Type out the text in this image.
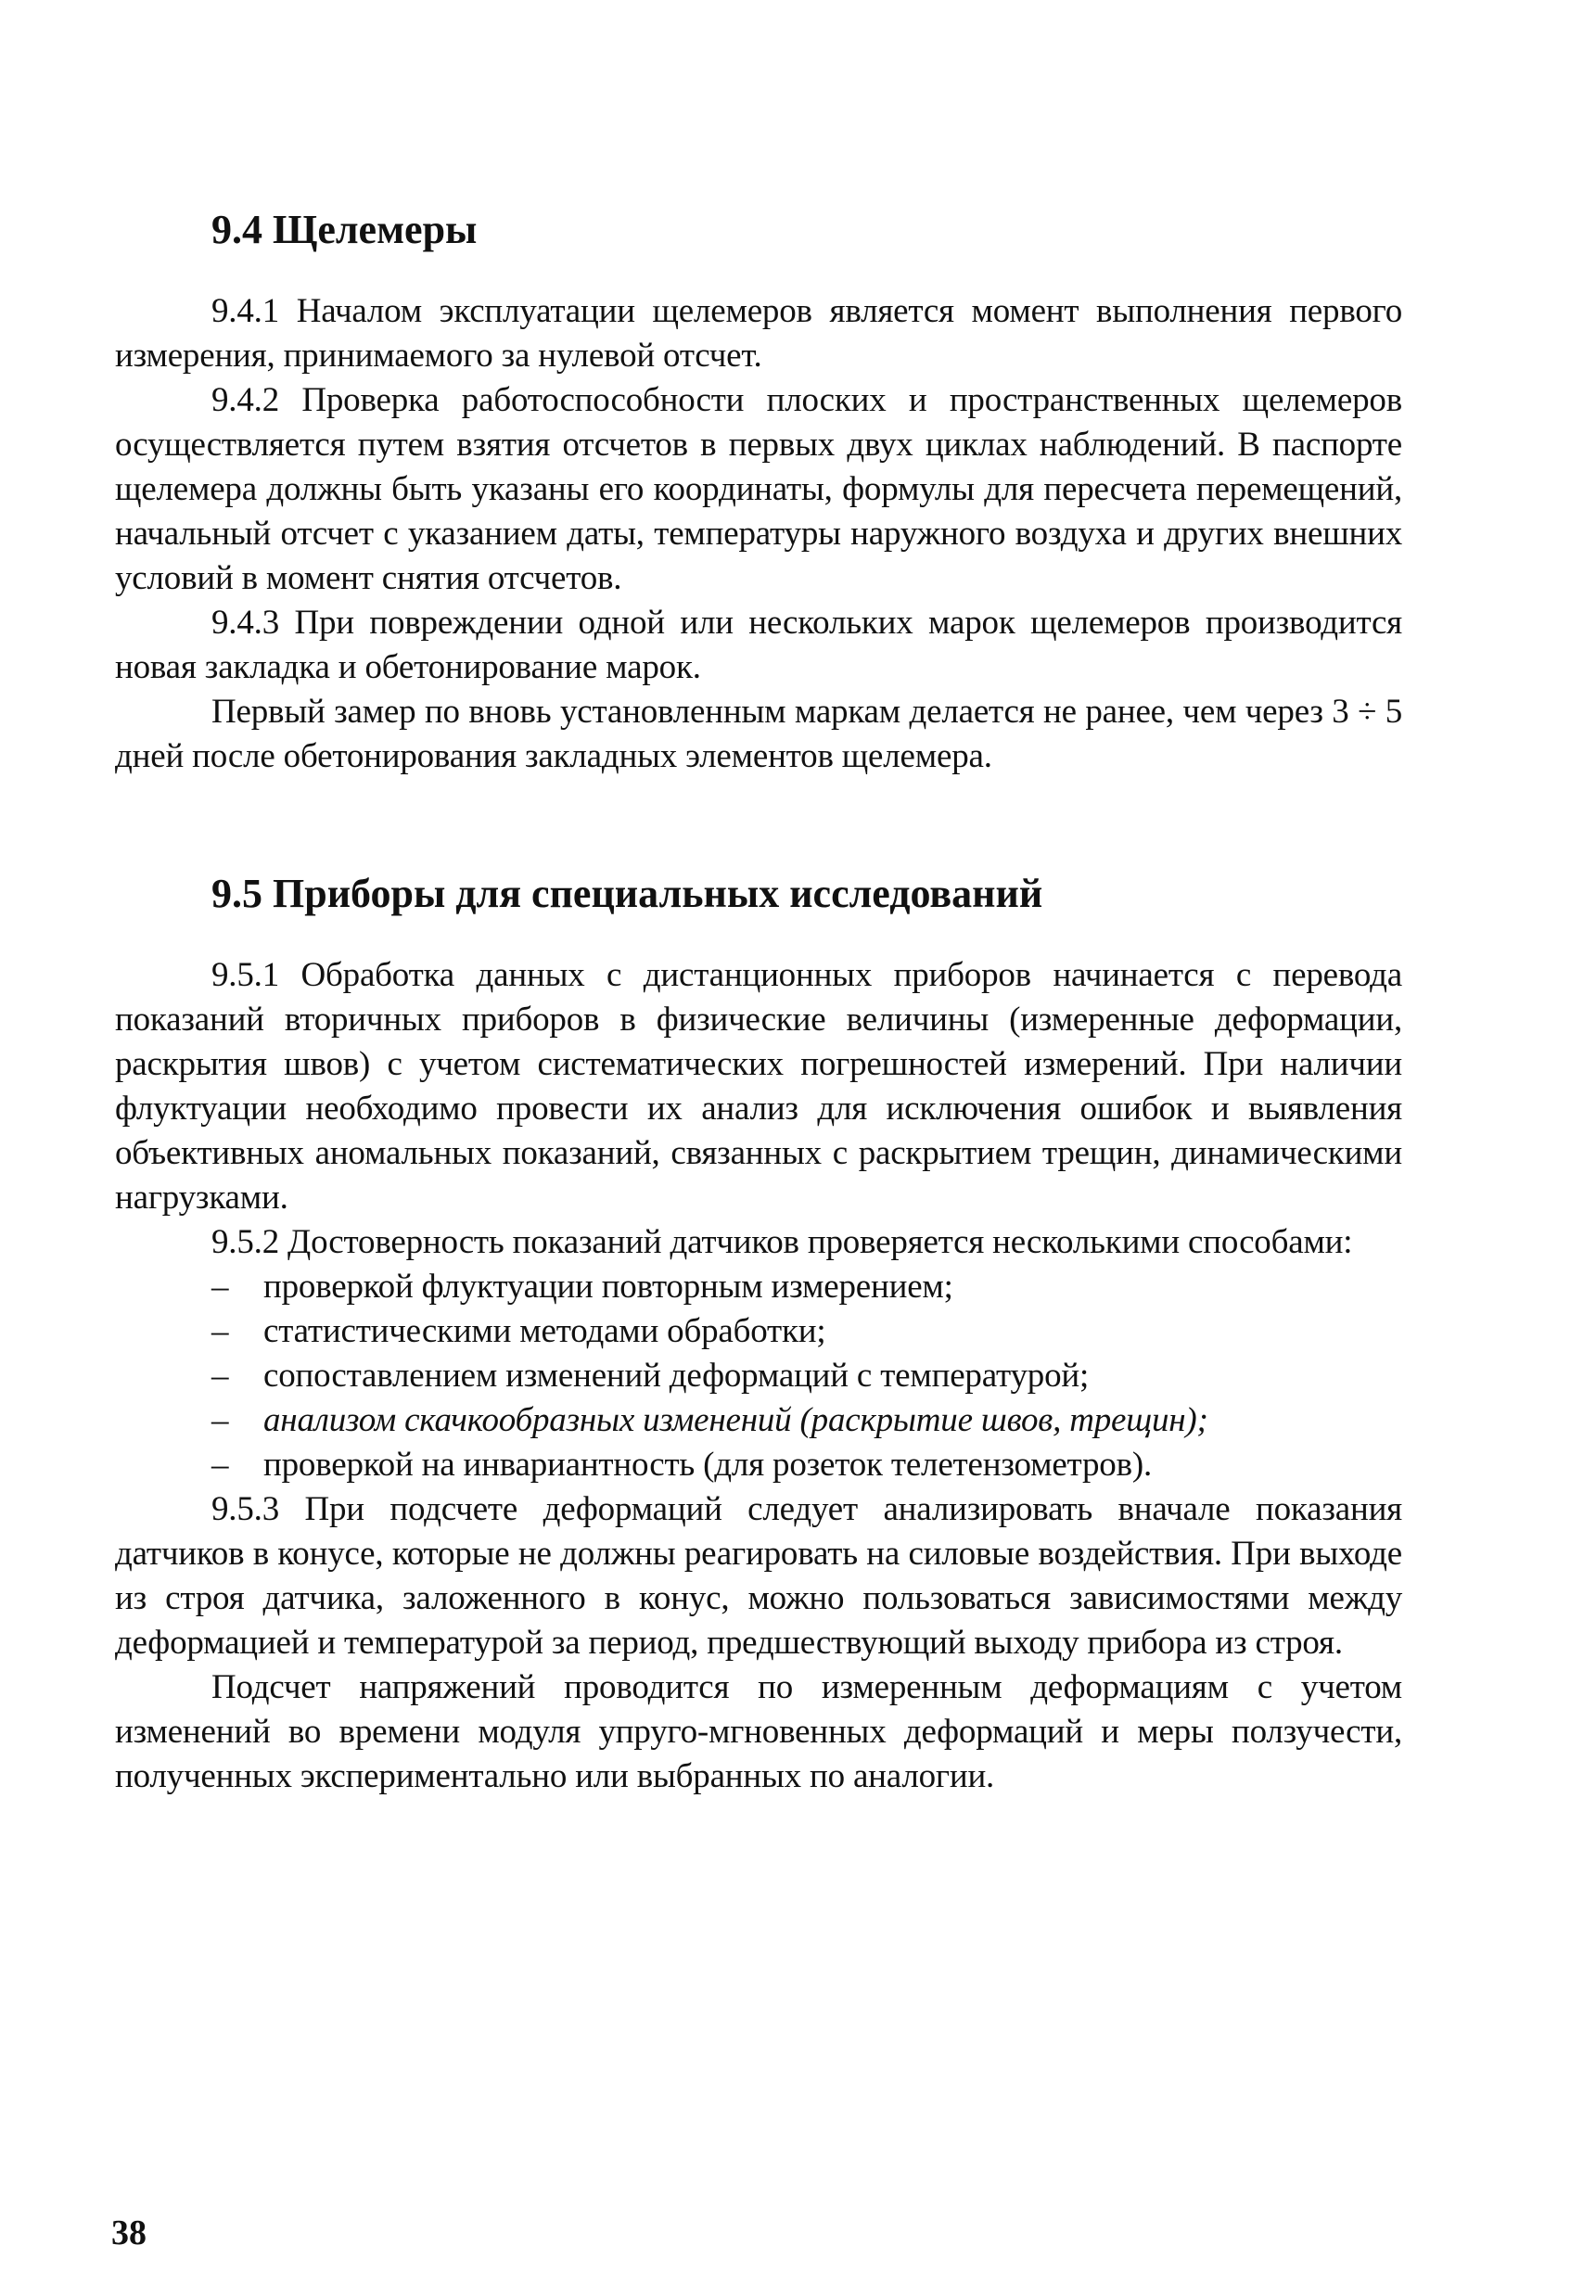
9.4 Щелемеры

9.4.1 Началом эксплуатации щелемеров является момент выполнения первого измерения, принимаемого за нулевой отсчет.

9.4.2 Проверка работоспособности плоских и пространственных щелемеров осуществляется путем взятия отсчетов в первых двух циклах наблюдений. В паспорте щелемера должны быть указаны его координаты, формулы для пересчета перемещений, начальный отсчет с указанием даты, температуры наружного воздуха и других внешних условий в момент снятия отсчетов.

9.4.3 При повреждении одной или нескольких марок щелемеров производится новая закладка и обетонирование марок.

Первый замер по вновь установленным маркам делается не ранее, чем через 3 ÷ 5 дней после обетонирования закладных элементов щелемера.

9.5 Приборы для специальных исследований

9.5.1 Обработка данных с дистанционных приборов начинается с перевода показаний вторичных приборов в физические величины (измеренные деформации, раскрытия швов) с учетом систематических погрешностей измерений. При наличии флуктуации необходимо провести их анализ для исключения ошибок и выявления объективных аномальных показаний, связанных с раскрытием трещин, динамическими нагрузками.

9.5.2 Достоверность показаний датчиков проверяется несколькими способами:

– проверкой флуктуации повторным измерением;
– статистическими методами обработки;
– сопоставлением изменений деформаций с температурой;
– анализом скачкообразных изменений (раскрытие швов, трещин);
– проверкой на инвариантность (для розеток телетензометров).

9.5.3 При подсчете деформаций следует анализировать вначале показания датчиков в конусе, которые не должны реагировать на силовые воздействия. При выходе из строя датчика, заложенного в конус, можно пользоваться зависимостями между деформацией и температурой за период, предшествующий выходу прибора из строя.

Подсчет напряжений проводится по измеренным деформациям с учетом изменений во времени модуля упруго-мгновенных деформаций и меры ползучести, полученных экспериментально или выбранных по аналогии.

38
